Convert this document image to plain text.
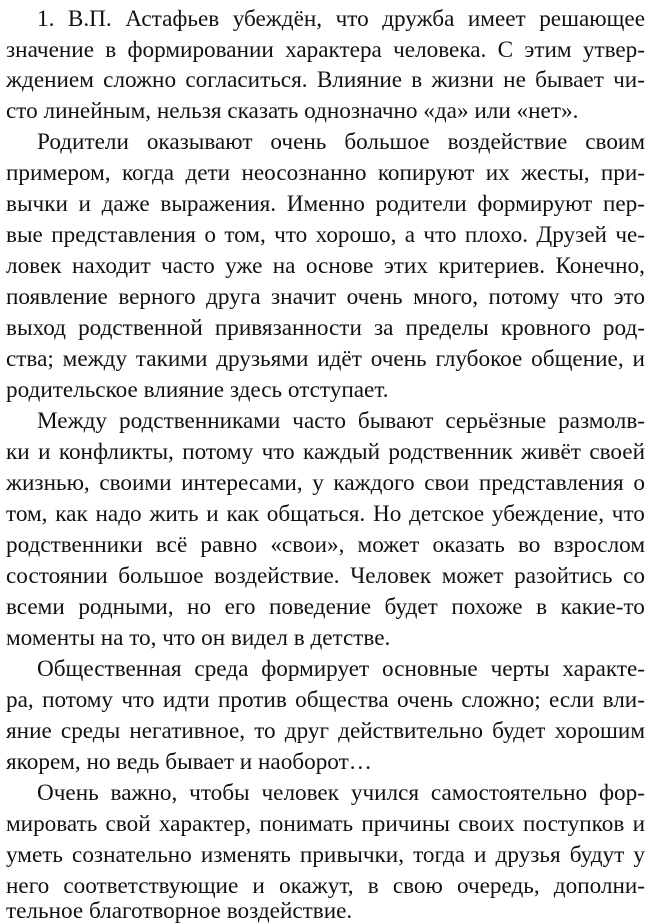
1. В.П. Астафьев убеждён, что дружба имеет решающее
значение в формировании характера человека. С этим утвер-
ждением сложно согласиться. Влияние в жизни не бывает чи-
сто линейным, нельзя сказать однозначно «да» или «нет».
Родители оказывают очень большое воздействие своим
примером, когда дети неосознанно копируют их жесты, при-
вычки и даже выражения. Именно родители формируют пер-
вые представления о том, что хорошо, а что плохо. Друзей че-
ловек находит часто уже на основе этих критериев. Конечно,
появление верного друга значит очень много, потому что это
выход родственной привязанности за пределы кровного род-
ства; между такими друзьями идёт очень глубокое общение, и
родительское влияние здесь отступает.
Между родственниками часто бывают серьёзные размолв-
ки и конфликты, потому что каждый родственник живёт своей
жизнью, своими интересами, у каждого свои представления о
том, как надо жить и как общаться. Но детское убеждение, что
родственники всё равно «свои», может оказать во взрослом
состоянии большое воздействие. Человек может разойтись со
всеми родными, но его поведение будет похоже в какие-то
моменты на то, что он видел в детстве.
Общественная среда формирует основные черты характе-
ра, потому что идти против общества очень сложно; если вли-
яние среды негативное, то друг действительно будет хорошим
якорем, но ведь бывает и наоборот…
Очень важно, чтобы человек учился самостоятельно фор-
мировать свой характер, понимать причины своих поступков и
уметь сознательно изменять привычки, тогда и друзья будут у
него соответствующие и окажут, в свою очередь, дополни-
тельное благотворное воздействие.
